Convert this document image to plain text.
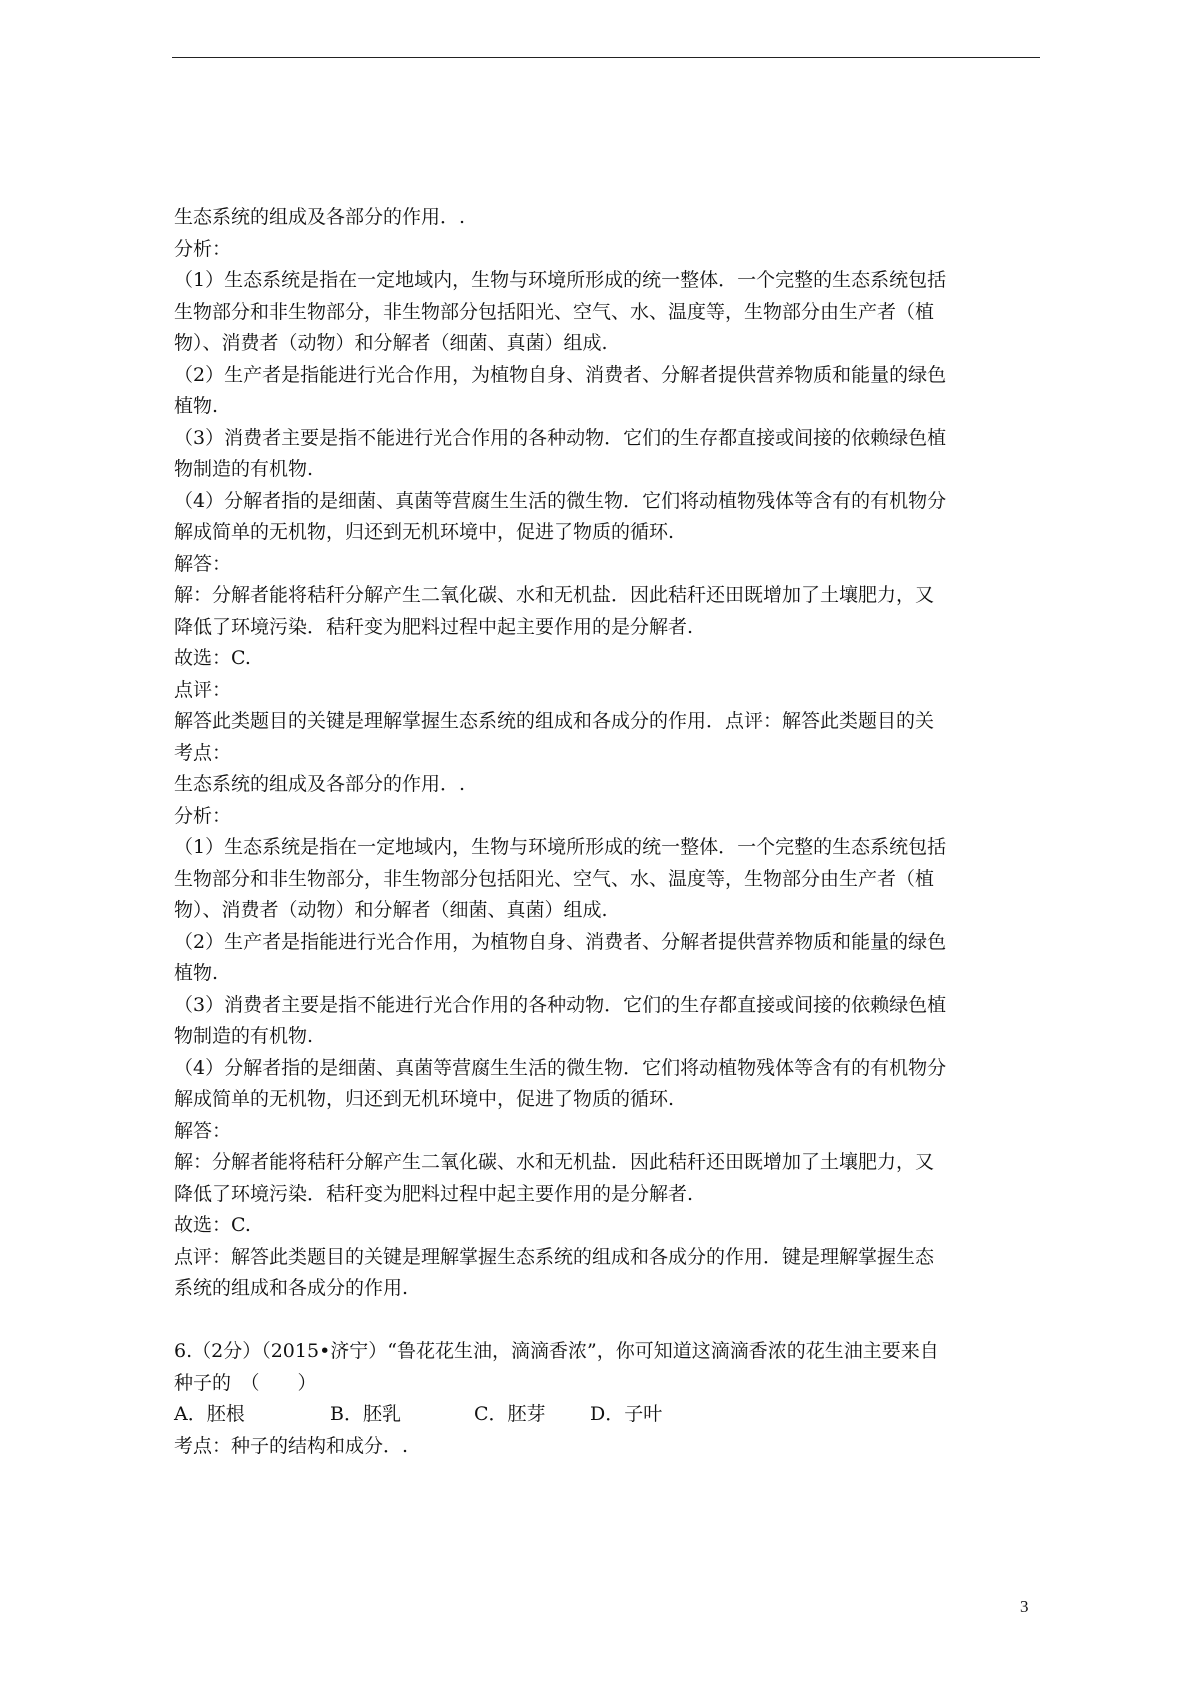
生态系统的组成及各部分的作用．.
分析：
（1）生态系统是指在一定地域内，生物与环境所形成的统一整体．一个完整的生态系统包括
生物部分和非生物部分，非生物部分包括阳光、空气、水、温度等，生物部分由生产者（植
物）、消费者（动物）和分解者（细菌、真菌）组成.
（2）生产者是指能进行光合作用，为植物自身、消费者、分解者提供营养物质和能量的绿色
植物.
（3）消费者主要是指不能进行光合作用的各种动物．它们的生存都直接或间接的依赖绿色植
物制造的有机物.
（4）分解者指的是细菌、真菌等营腐生生活的微生物．它们将动植物残体等含有的有机物分
解成简单的无机物，归还到无机环境中，促进了物质的循环.
解答：
解：分解者能将秸秆分解产生二氧化碳、水和无机盐．因此秸秆还田既增加了土壤肥力，又
降低了环境污染．秸秆变为肥料过程中起主要作用的是分解者.
故选：C.
点评：
解答此类题目的关键是理解掌握生态系统的组成和各成分的作用．点评：解答此类题目的关
考点：
生态系统的组成及各部分的作用．.
分析：
（1）生态系统是指在一定地域内，生物与环境所形成的统一整体．一个完整的生态系统包括
生物部分和非生物部分，非生物部分包括阳光、空气、水、温度等，生物部分由生产者（植
物）、消费者（动物）和分解者（细菌、真菌）组成.
（2）生产者是指能进行光合作用，为植物自身、消费者、分解者提供营养物质和能量的绿色
植物.
（3）消费者主要是指不能进行光合作用的各种动物．它们的生存都直接或间接的依赖绿色植
物制造的有机物.
（4）分解者指的是细菌、真菌等营腐生生活的微生物．它们将动植物残体等含有的有机物分
解成简单的无机物，归还到无机环境中，促进了物质的循环.
解答：
解：分解者能将秸秆分解产生二氧化碳、水和无机盐．因此秸秆还田既增加了土壤肥力，又
降低了环境污染．秸秆变为肥料过程中起主要作用的是分解者.
故选：C.
点评：解答此类题目的关键是理解掌握生态系统的组成和各成分的作用．键是理解掌握生态
系统的组成和各成分的作用.
6.（2分）（2015•济宁）“鲁花花生油，滴滴香浓”，你可知道这滴滴香浓的花生油主要来自
种子的　（　　）
A．胚根	B．胚乳	C．胚芽 D．子叶
考点：种子的结构和成分．.
3
